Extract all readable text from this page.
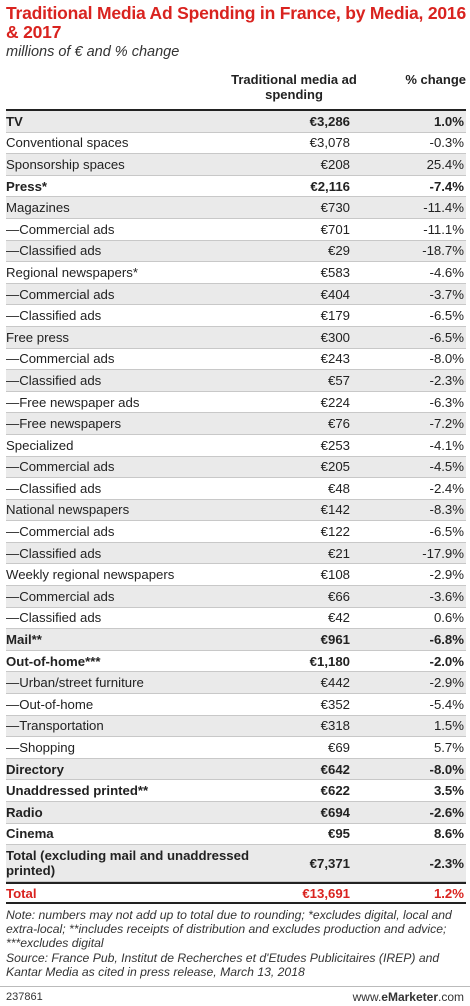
Traditional Media Ad Spending in France, by Media, 2016 & 2017
millions of € and % change
Traditional media ad spending
% change
TV	€3,286	1.0%
Conventional spaces	€3,078	-0.3%
Sponsorship spaces	€208	25.4%
Press*	€2,116	-7.4%
Magazines	€730	-11.4%
—Commercial ads	€701	-11.1%
—Classified ads	€29	-18.7%
Regional newspapers*	€583	-4.6%
—Commercial ads	€404	-3.7%
—Classified ads	€179	-6.5%
Free press	€300	-6.5%
—Commercial ads	€243	-8.0%
—Classified ads	€57	-2.3%
—Free newspaper ads	€224	-6.3%
—Free newspapers	€76	-7.2%
Specialized	€253	-4.1%
—Commercial ads	€205	-4.5%
—Classified ads	€48	-2.4%
National newspapers	€142	-8.3%
—Commercial ads	€122	-6.5%
—Classified ads	€21	-17.9%
Weekly regional newspapers	€108	-2.9%
—Commercial ads	€66	-3.6%
—Classified ads	€42	0.6%
Mail**	€961	-6.8%
Out-of-home***	€1,180	-2.0%
—Urban/street furniture	€442	-2.9%
—Out-of-home	€352	-5.4%
—Transportation	€318	1.5%
—Shopping	€69	5.7%
Directory	€642	-8.0%
Unaddressed printed**	€622	3.5%
Radio	€694	-2.6%
Cinema	€95	8.6%
Total (excluding mail and unaddressed printed)	€7,371	-2.3%
Total	€13,691	1.2%
Note: numbers may not add up to total due to rounding; *excludes digital, local and extra-local; **includes receipts of distribution and excludes production and advice; ***excludes digital
Source: France Pub, Institut de Recherches et d'Etudes Publicitaires (IREP) and Kantar Media as cited in press release, March 13, 2018
237861	www.eMarketer.com
